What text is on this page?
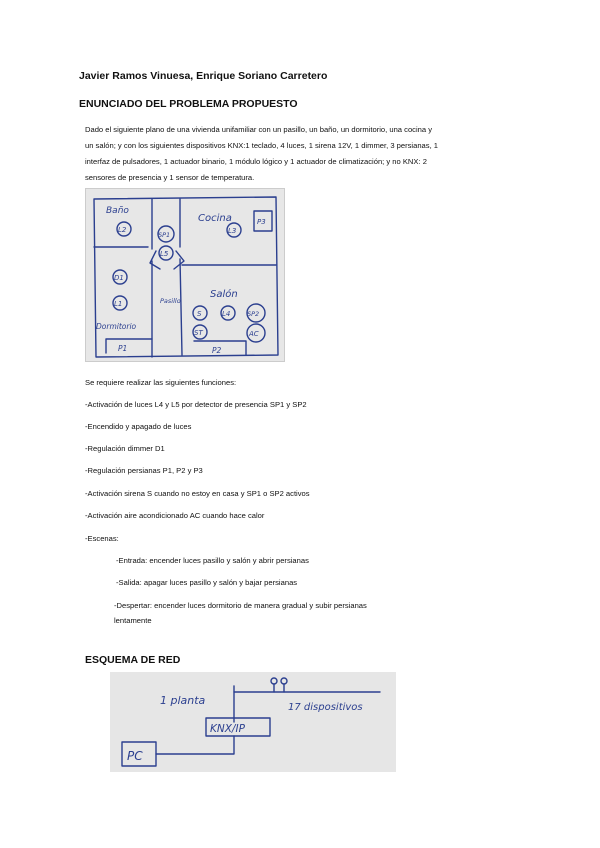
Javier Ramos Vinuesa, Enrique Soriano Carretero
ENUNCIADO DEL PROBLEMA PROPUESTO
Dado el siguiente plano de una vivienda unifamiliar con un pasillo, un baño, un dormitorio, una cocina y
un salón; y con los siguientes dispositivos KNX:1 teclado, 4 luces, 1 sirena 12V, 1 dimmer, 3 persianas, 1
interfaz de pulsadores, 1 actuador binario, 1 módulo lógico y 1 actuador de climatización; y no KNX: 2
sensores de presencia y 1 sensor de temperatura.
Baño
Cocina
Pasillo
Salón
Dormitorio
L2
SP1
L5
L3
P3
D1
L1
S	L4	SP2
ST	AC
P1	P2
Se requiere realizar las siguientes funciones:
-Activación de luces L4 y L5 por detector de presencia SP1 y SP2
-Encendido y apagado de luces
-Regulación dimmer D1
-Regulación persianas P1, P2 y P3
-Activación sirena S cuando no estoy en casa y SP1 o SP2 activos
-Activación aire acondicionado AC cuando hace calor
-Escenas:
-Entrada: encender luces pasillo y salón y abrir persianas
-Salida: apagar luces pasillo y salón y bajar persianas
-Despertar: encender luces dormitorio de manera gradual y subir persianas
lentamente
ESQUEMA DE RED
1 planta
17 dispositivos
KNX/IP
PC
